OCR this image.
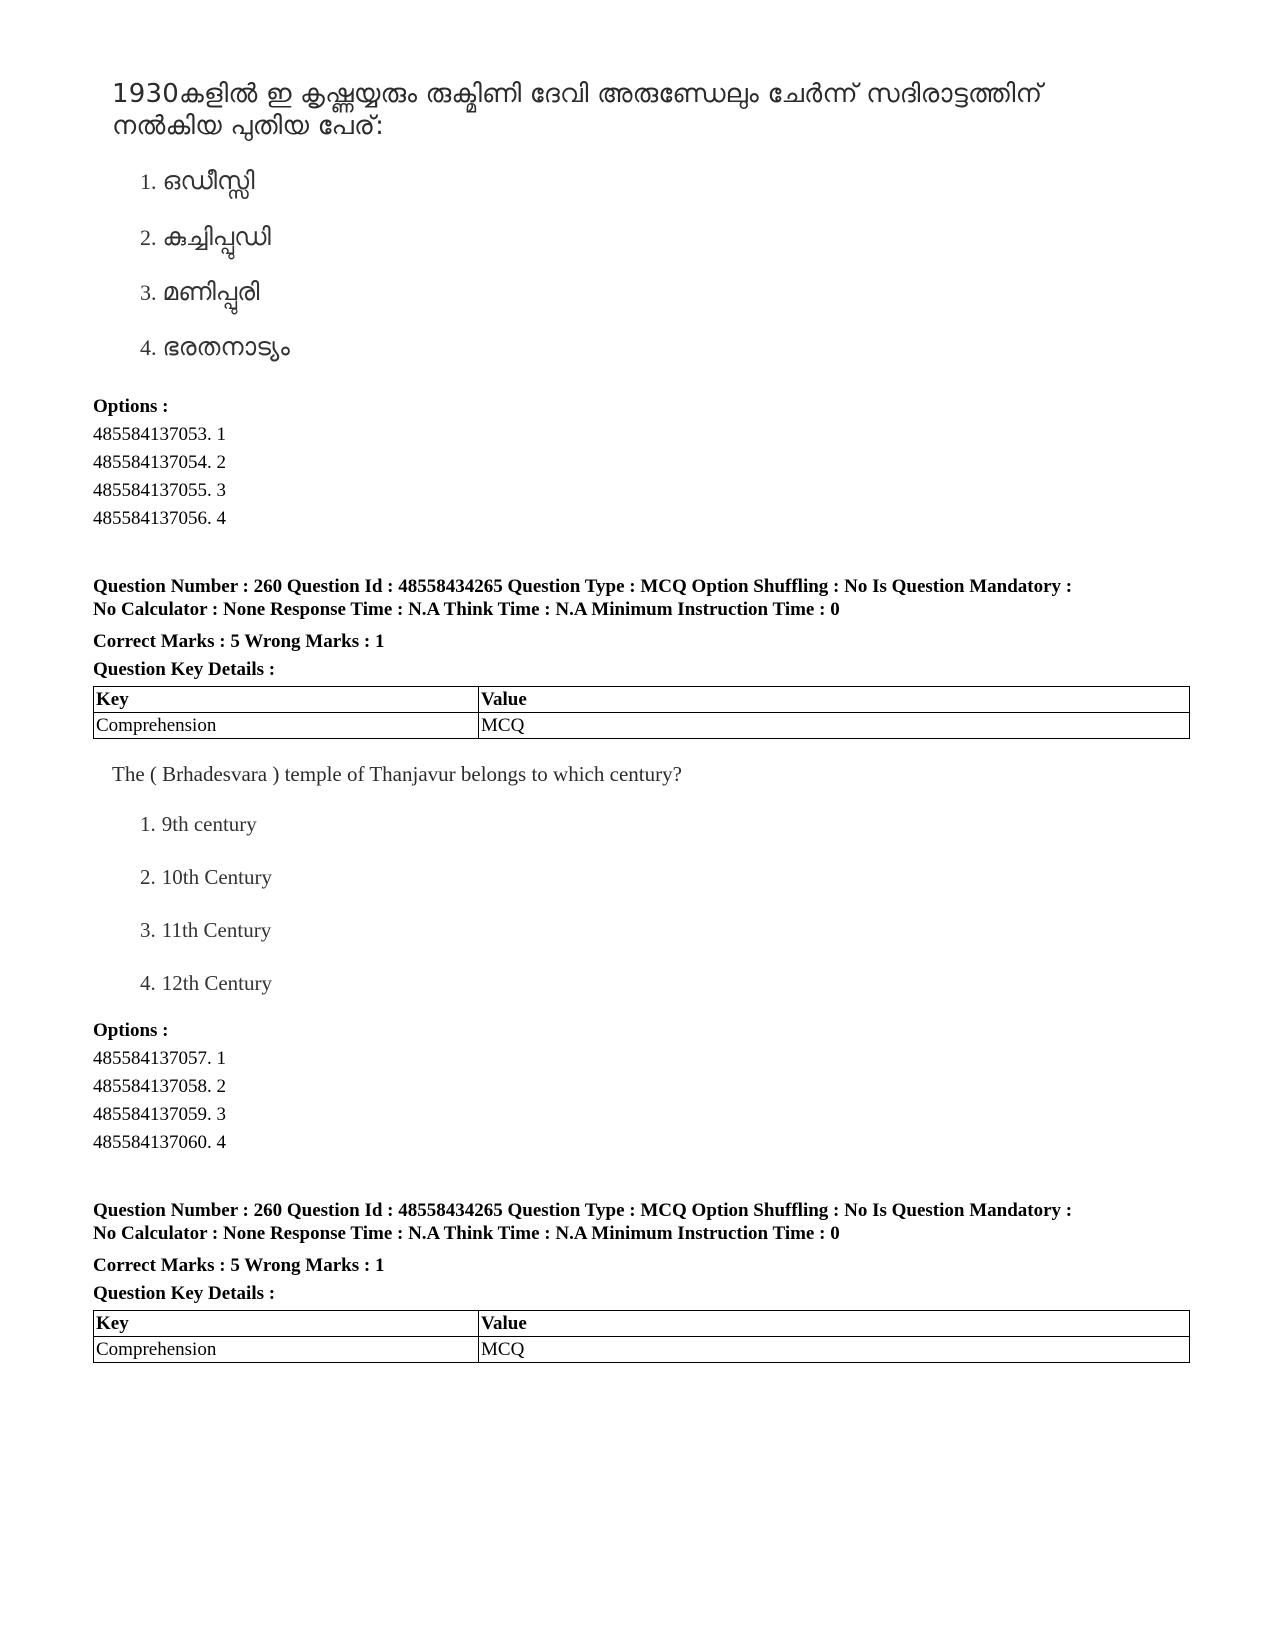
1930കളിൽ ഇ കൃഷ്ണയ്യരും രുക്മിണി ദേവി അരുണ്ഡേലും ചേർന്ന് സദിരാട്ടത്തിന്
നൽകിയ പുതിയ പേര്:
1. ഒഡീസ്സി
2. കുച്ചിപ്പുഡി
3. മണിപ്പുരി
4. ഭരതനാട്യം
Options :
485584137053. 1
485584137054. 2
485584137055. 3
485584137056. 4
Question Number : 260 Question Id : 48558434265 Question Type : MCQ Option Shuffling : No Is Question Mandatory :
No Calculator : None Response Time : N.A Think Time : N.A Minimum Instruction Time : 0
Correct Marks : 5 Wrong Marks : 1
Question Key Details :
Key	Value
Comprehension	MCQ
The ( Brhadesvara ) temple of Thanjavur belongs to which century?
1. 9th century
2. 10th Century
3. 11th Century
4. 12th Century
Options :
485584137057. 1
485584137058. 2
485584137059. 3
485584137060. 4
Question Number : 260 Question Id : 48558434265 Question Type : MCQ Option Shuffling : No Is Question Mandatory :
No Calculator : None Response Time : N.A Think Time : N.A Minimum Instruction Time : 0
Correct Marks : 5 Wrong Marks : 1
Question Key Details :
Key	Value
Comprehension	MCQ
